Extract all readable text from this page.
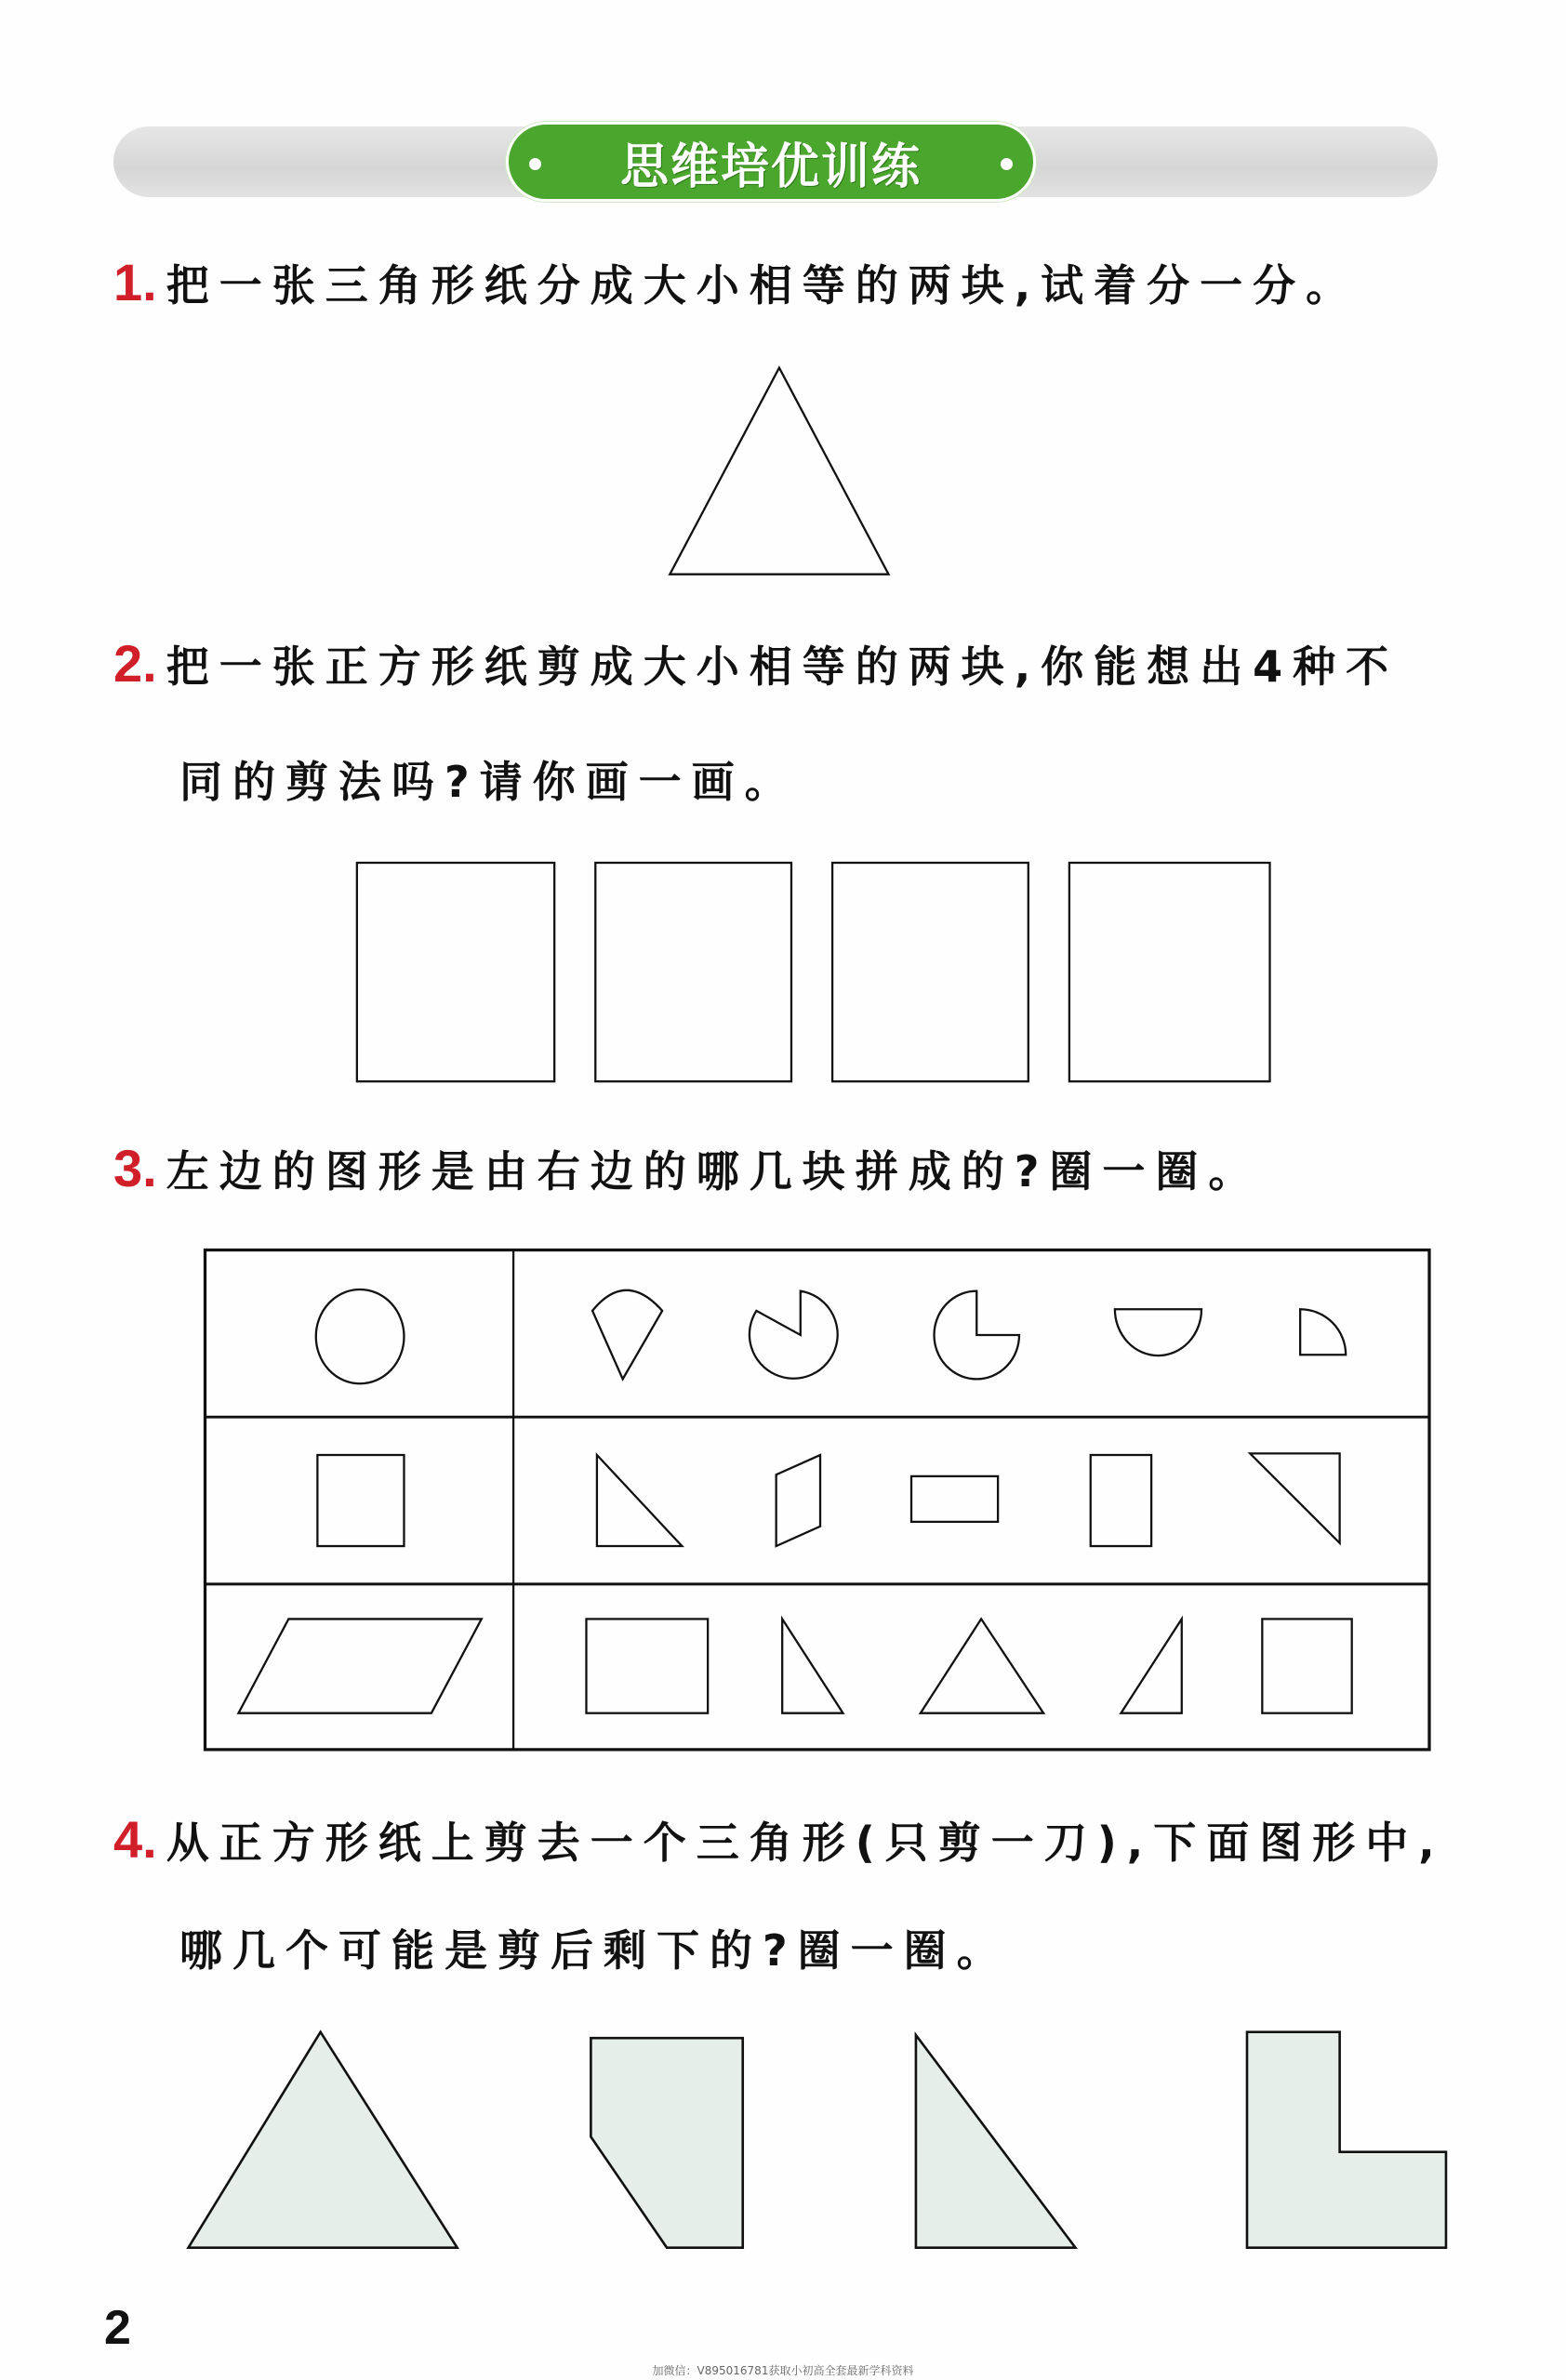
思维培优训练
1. 把一张三角形纸分成大小相等的两块,试着分一分。
2. 把一张正方形纸剪成大小相等的两块,你能想出4种不
同的剪法吗?请你画一画。
3. 左边的图形是由右边的哪几块拼成的?圈一圈。
4. 从正方形纸上剪去一个三角形(只剪一刀),下面图形中,
哪几个可能是剪后剩下的?圈一圈。
2
加微信：V895016781获取小初高全套最新学科资料
